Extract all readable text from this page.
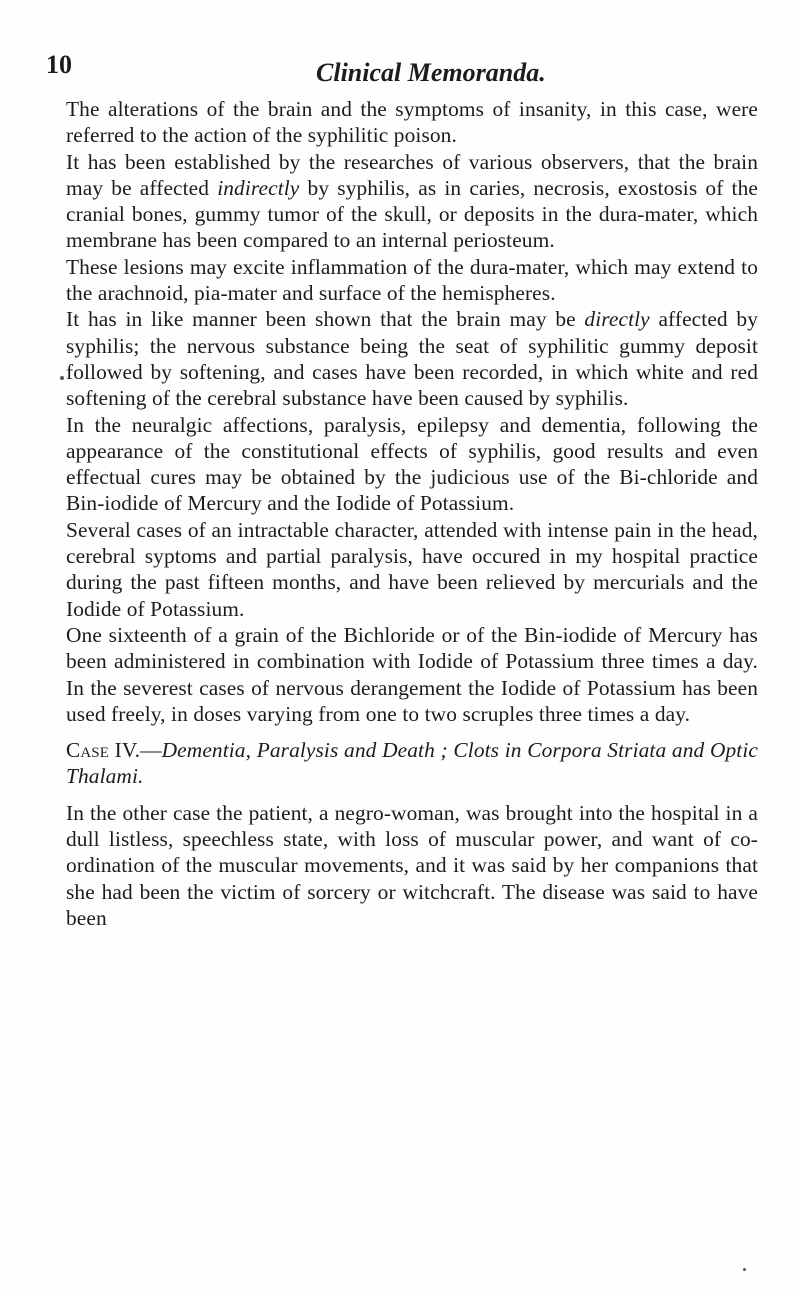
10	Clinical Memoranda.

The alterations of the brain and the symptoms of insanity, in this case, were referred to the action of the syphilitic poison.

It has been established by the researches of various observers, that the brain may be affected indirectly by syphilis, as in caries, necrosis, exostosis of the cranial bones, gummy tumor of the skull, or deposits in the dura-mater, which membrane has been compared to an internal periosteum.

These lesions may excite inflammation of the dura-mater, which may extend to the arachnoid, pia-mater and surface of the hemispheres.

It has in like manner been shown that the brain may be directly affected by syphilis; the nervous substance being the seat of syphilitic gummy deposit followed by softening, and cases have been recorded, in which white and red softening of the cerebral substance have been caused by syphilis.

In the neuralgic affections, paralysis, epilepsy and dementia, following the appearance of the constitutional effects of syphilis, good results and even effectual cures may be obtained by the judicious use of the Bi-chloride and Bin-iodide of Mercury and the Iodide of Potassium.

Several cases of an intractable character, attended with intense pain in the head, cerebral syptoms and partial paralysis, have occured in my hospital practice during the past fifteen months, and have been relieved by mercurials and the Iodide of Potassium.

One sixteenth of a grain of the Bichloride or of the Bin-iodide of Mercury has been administered in combination with Iodide of Potassium three times a day. In the severest cases of nervous derangement the Iodide of Potassium has been used freely, in doses varying from one to two scruples three times a day.

Case IV.—Dementia, Paralysis and Death ; Clots in Corpora Striata and Optic Thalami.

In the other case the patient, a negro-woman, was brought into the hospital in a dull listless, speechless state, with loss of muscular power, and want of co-ordination of the muscular movements, and it was said by her companions that she had been the victim of sorcery or witchcraft. The disease was said to have been
